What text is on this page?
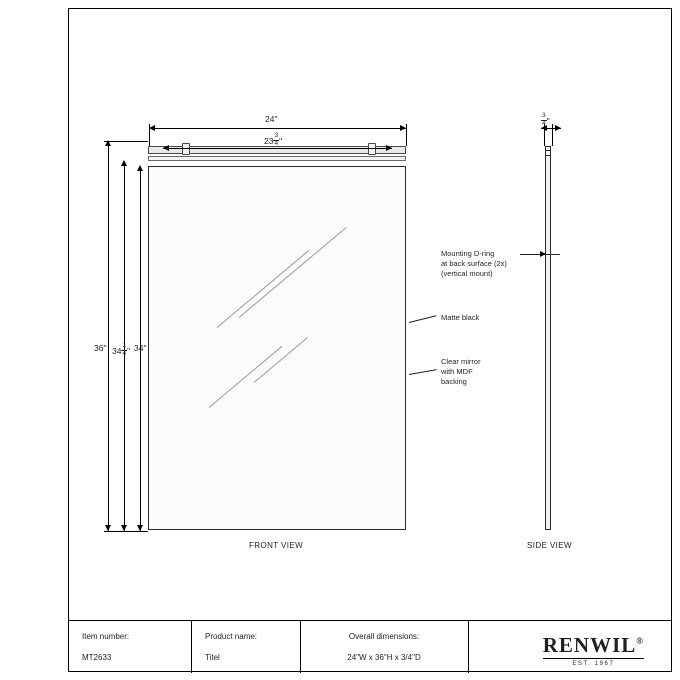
24"
$23 \frac{3}{4}$ "
36" $34 \frac{1}{4}$ " 34"
FRONT VIEW
$\frac{3}{4}$ "
SIDE VIEW
Mounting D-ring
at back surface (2x)
(vertical mount)
Matte black
Clear mirror
with MDF
backing
Item number:
MT2633
Product name:
Titel
Overall dimensions:
24"W x 36"H x 3/4"D
RENWIL®
EST. 1967
